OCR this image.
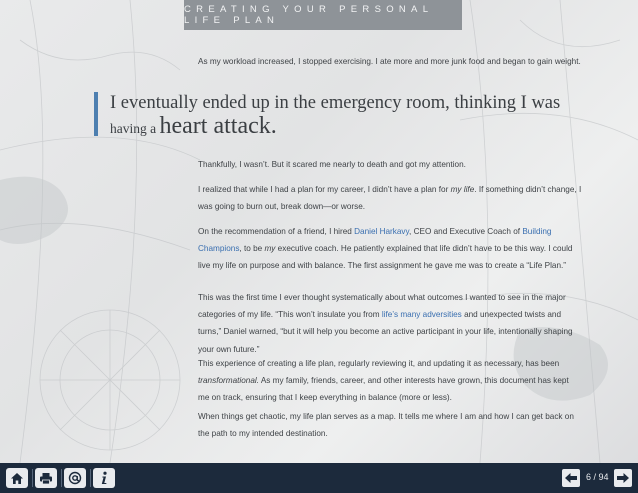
CREATING YOUR PERSONAL LIFE PLAN

As my workload increased, I stopped exercising. I ate more and more junk food and began to gain weight.

I eventually ended up in the emergency room, thinking I was
having a heart attack.

Thankfully, I wasn’t. But it scared me nearly to death and got my attention.

I realized that while I had a plan for my career, I didn’t have a plan for my life. If something didn’t change, I was going to burn out, break down—or worse.

On the recommendation of a friend, I hired Daniel Harkavy, CEO and Executive Coach of Building Champions, to be my executive coach. He patiently explained that life didn’t have to be this way. I could live my life on purpose and with balance. The first assignment he gave me was to create a “Life Plan.”

This was the first time I ever thought systematically about what outcomes I wanted to see in the major categories of my life. “This won’t insulate you from life’s many adversities and unexpected twists and turns,” Daniel warned, “but it will help you become an active participant in your life, intentionally shaping your own future.”

This experience of creating a life plan, regularly reviewing it, and updating it as necessary, has been transformational. As my family, friends, career, and other interests have grown, this document has kept me on track, ensuring that I keep everything in balance (more or less).

When things get chaotic, my life plan serves as a map. It tells me where I am and how I can get back on the path to my intended destination.

6 / 94
